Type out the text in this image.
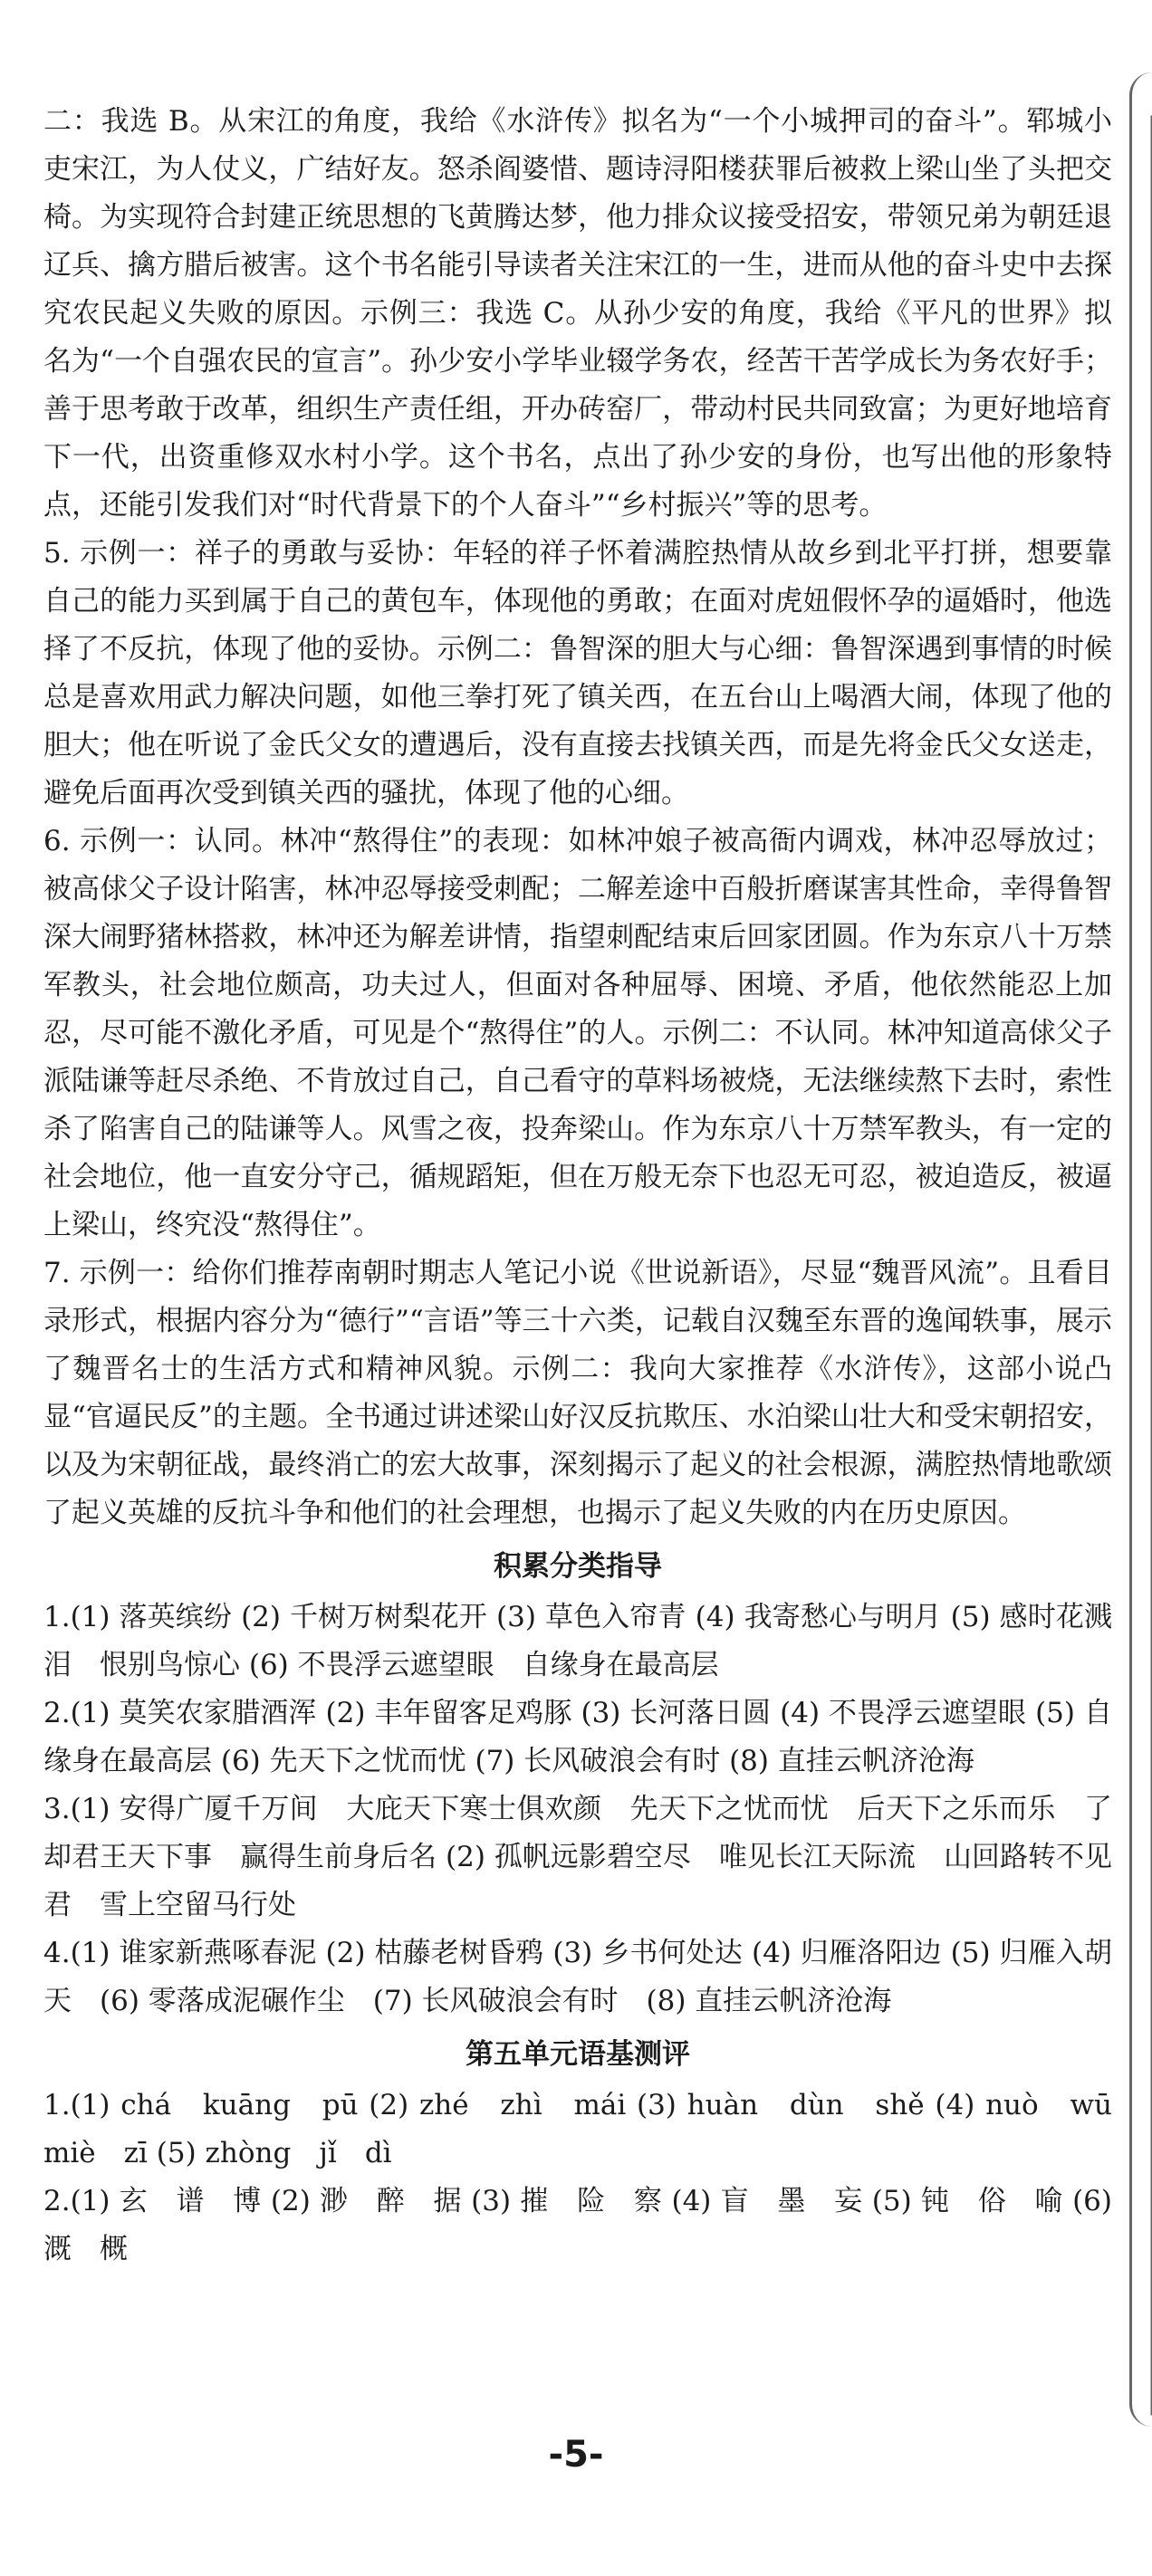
二：我选 B。从宋江的角度，我给《水浒传》拟名为“一个小城押司的奋斗”。郓城小吏宋江，为人仗义，广结好友。怒杀阎婆惜、题诗浔阳楼获罪后被救上梁山坐了头把交椅。为实现符合封建正统思想的飞黄腾达梦，他力排众议接受招安，带领兄弟为朝廷退辽兵、擒方腊后被害。这个书名能引导读者关注宋江的一生，进而从他的奋斗史中去探究农民起义失败的原因。示例三：我选 C。从孙少安的角度，我给《平凡的世界》拟名为“一个自强农民的宣言”。孙少安小学毕业辍学务农，经苦干苦学成长为务农好手；善于思考敢于改革，组织生产责任组，开办砖窑厂，带动村民共同致富；为更好地培育下一代，出资重修双水村小学。这个书名，点出了孙少安的身份，也写出他的形象特点，还能引发我们对“时代背景下的个人奋斗”“乡村振兴”等的思考。

5. 示例一：祥子的勇敢与妥协：年轻的祥子怀着满腔热情从故乡到北平打拼，想要靠自己的能力买到属于自己的黄包车，体现他的勇敢；在面对虎妞假怀孕的逼婚时，他选择了不反抗，体现了他的妥协。示例二：鲁智深的胆大与心细：鲁智深遇到事情的时候总是喜欢用武力解决问题，如他三拳打死了镇关西，在五台山上喝酒大闹，体现了他的胆大；他在听说了金氏父女的遭遇后，没有直接去找镇关西，而是先将金氏父女送走，避免后面再次受到镇关西的骚扰，体现了他的心细。

6. 示例一：认同。林冲“熬得住”的表现：如林冲娘子被高衙内调戏，林冲忍辱放过；被高俅父子设计陷害，林冲忍辱接受刺配；二解差途中百般折磨谋害其性命，幸得鲁智深大闹野猪林搭救，林冲还为解差讲情，指望刺配结束后回家团圆。作为东京八十万禁军教头，社会地位颇高，功夫过人，但面对各种屈辱、困境、矛盾，他依然能忍上加忍，尽可能不激化矛盾，可见是个“熬得住”的人。示例二：不认同。林冲知道高俅父子派陆谦等赶尽杀绝、不肯放过自己，自己看守的草料场被烧，无法继续熬下去时，索性杀了陷害自己的陆谦等人。风雪之夜，投奔梁山。作为东京八十万禁军教头，有一定的社会地位，他一直安分守己，循规蹈矩，但在万般无奈下也忍无可忍，被迫造反，被逼上梁山，终究没“熬得住”。

7. 示例一：给你们推荐南朝时期志人笔记小说《世说新语》，尽显“魏晋风流”。且看目录形式，根据内容分为“德行”“言语”等三十六类，记载自汉魏至东晋的逸闻轶事，展示了魏晋名士的生活方式和精神风貌。示例二：我向大家推荐《水浒传》，这部小说凸显“官逼民反”的主题。全书通过讲述梁山好汉反抗欺压、水泊梁山壮大和受宋朝招安，以及为宋朝征战，最终消亡的宏大故事，深刻揭示了起义的社会根源，满腔热情地歌颂了起义英雄的反抗斗争和他们的社会理想，也揭示了起义失败的内在历史原因。

积累分类指导

1.(1) 落英缤纷 (2) 千树万树梨花开 (3) 草色入帘青 (4) 我寄愁心与明月 (5) 感时花溅泪　恨别鸟惊心 (6) 不畏浮云遮望眼　自缘身在最高层

2.(1) 莫笑农家腊酒浑 (2) 丰年留客足鸡豚 (3) 长河落日圆 (4) 不畏浮云遮望眼 (5) 自缘身在最高层 (6) 先天下之忧而忧 (7) 长风破浪会有时 (8) 直挂云帆济沧海

3.(1) 安得广厦千万间　大庇天下寒士俱欢颜　先天下之忧而忧　后天下之乐而乐　了却君王天下事　赢得生前身后名 (2) 孤帆远影碧空尽　唯见长江天际流　山回路转不见君　雪上空留马行处

4.(1) 谁家新燕啄春泥 (2) 枯藤老树昏鸦 (3) 乡书何处达 (4) 归雁洛阳边 (5) 归雁入胡天　(6) 零落成泥碾作尘　(7) 长风破浪会有时　(8) 直挂云帆济沧海

第五单元语基测评

1.(1) chá　kuāng　pū (2) zhé　zhì　mái (3) huàn　dùn　shě (4) nuò　wū　miè　zī (5) zhòng　jǐ　dì

2.(1) 玄　谱　博 (2) 渺　醉　据 (3) 摧　险　察 (4) 盲　墨　妄 (5) 钝　俗　喻 (6) 溉　概

-5-
